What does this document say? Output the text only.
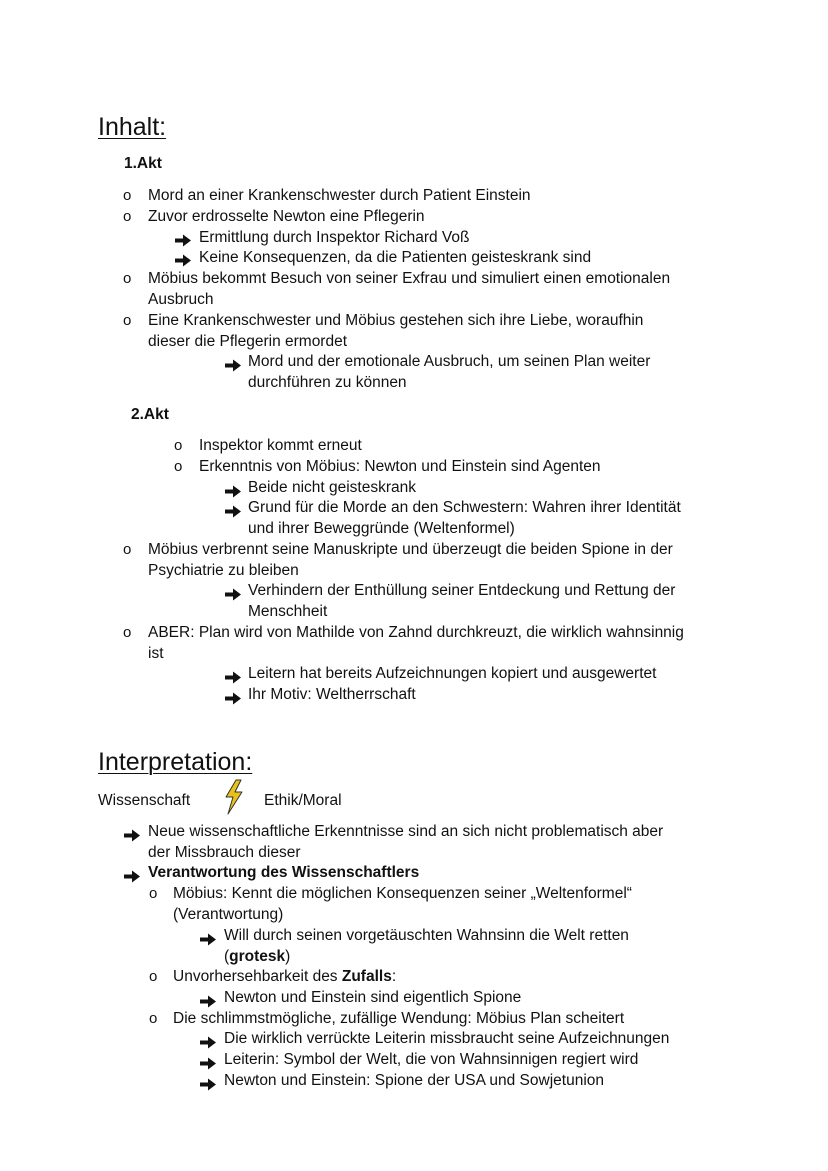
Inhalt:
1.Akt
o Mord an einer Krankenschwester durch Patient Einstein
o Zuvor erdrosselte Newton eine Pflegerin
Ermittlung durch Inspektor Richard Voß
Keine Konsequenzen, da die Patienten geisteskrank sind
o Möbius bekommt Besuch von seiner Exfrau und simuliert einen emotionalen
Ausbruch
o Eine Krankenschwester und Möbius gestehen sich ihre Liebe, woraufhin
dieser die Pflegerin ermordet
Mord und der emotionale Ausbruch, um seinen Plan weiter
durchführen zu können
2.Akt
o Inspektor kommt erneut
o Erkenntnis von Möbius: Newton und Einstein sind Agenten
Beide nicht geisteskrank
Grund für die Morde an den Schwestern: Wahren ihrer Identität
und ihrer Beweggründe (Weltenformel)
o Möbius verbrennt seine Manuskripte und überzeugt die beiden Spione in der
Psychiatrie zu bleiben
Verhindern der Enthüllung seiner Entdeckung und Rettung der
Menschheit
o ABER: Plan wird von Mathilde von Zahnd durchkreuzt, die wirklich wahnsinnig
ist
Leitern hat bereits Aufzeichnungen kopiert und ausgewertet
Ihr Motiv: Weltherrschaft
Interpretation:
Wissenschaft	Ethik/Moral
Neue wissenschaftliche Erkenntnisse sind an sich nicht problematisch aber
der Missbrauch dieser
Verantwortung des Wissenschaftlers
o Möbius: Kennt die möglichen Konsequenzen seiner „Weltenformel“
(Verantwortung)
Will durch seinen vorgetäuschten Wahnsinn die Welt retten
(grotesk)
o Unvorhersehbarkeit des Zufalls:
Newton und Einstein sind eigentlich Spione
o Die schlimmstmögliche, zufällige Wendung: Möbius Plan scheitert
Die wirklich verrückte Leiterin missbraucht seine Aufzeichnungen
Leiterin: Symbol der Welt, die von Wahnsinnigen regiert wird
Newton und Einstein: Spione der USA und Sowjetunion
